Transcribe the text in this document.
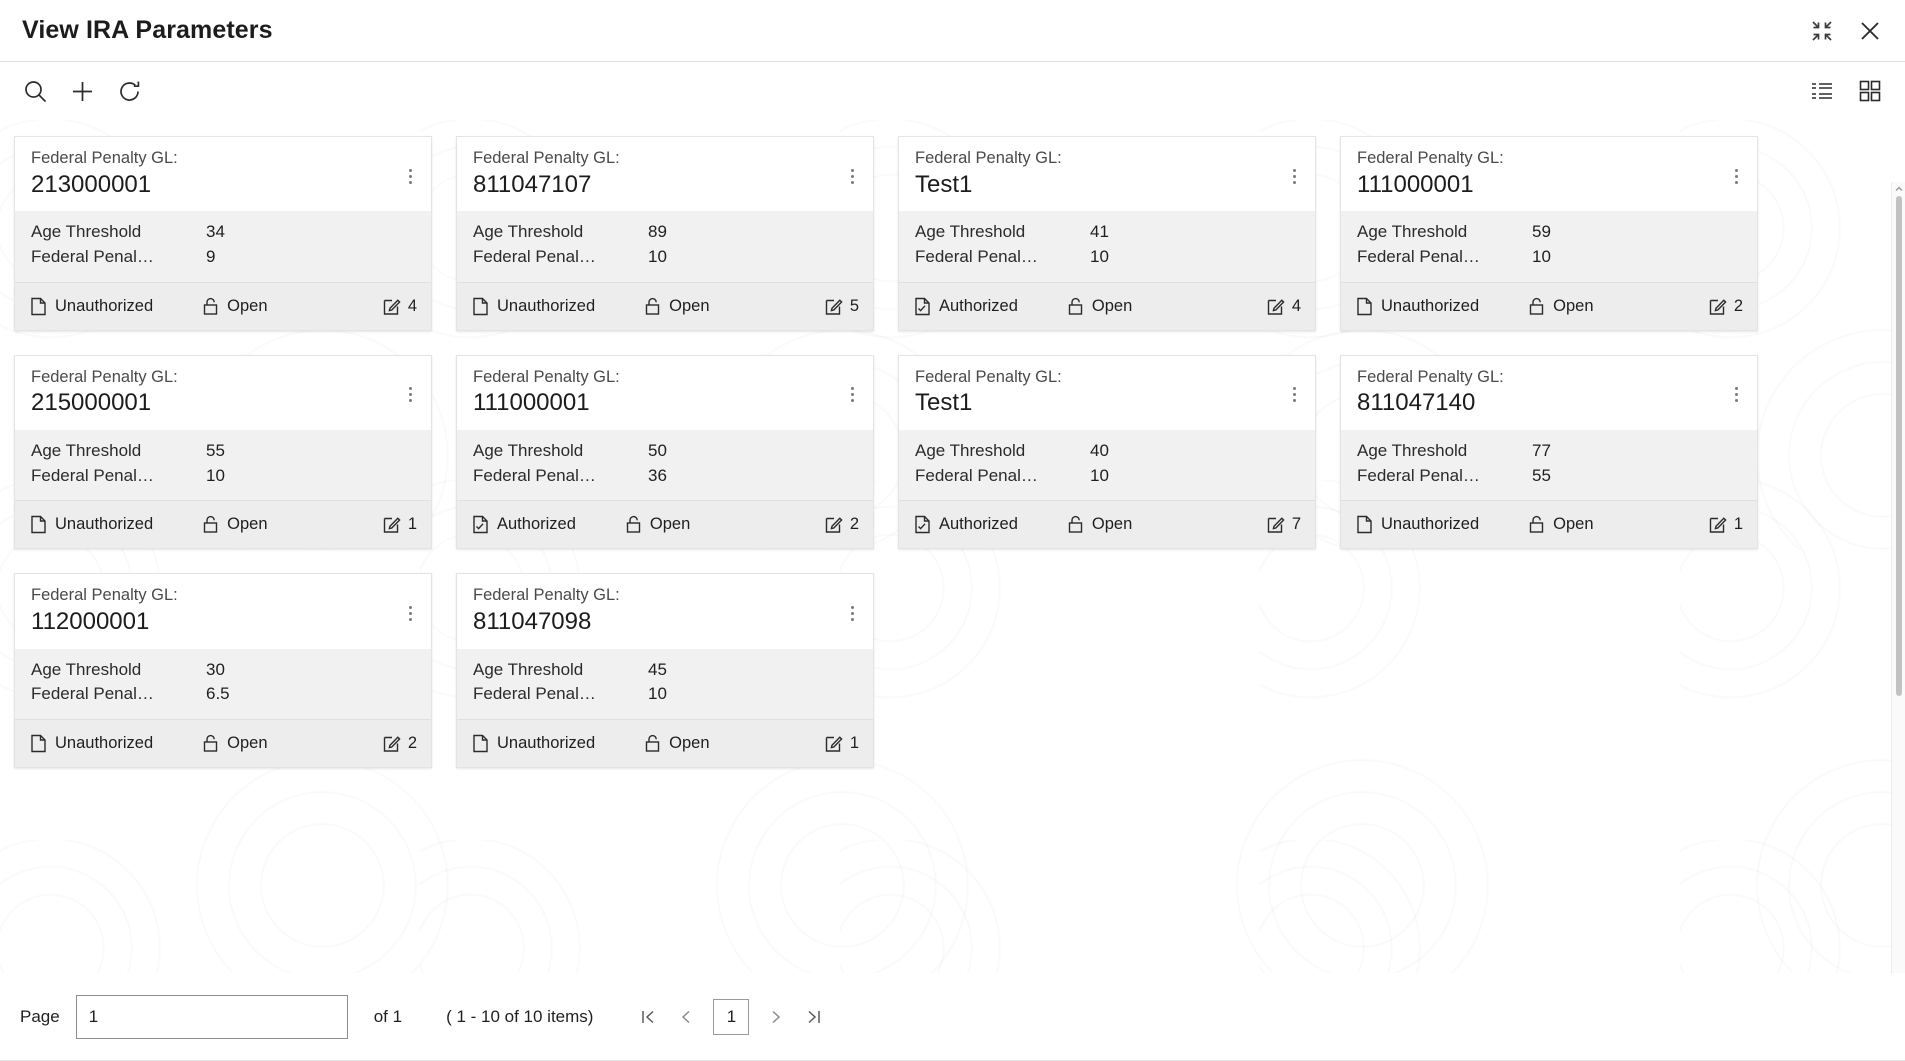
View IRA Parameters
Federal Penalty GL:
213000001
Age Threshold	34
Federal Penal…	9
Unauthorized	Open	4
Federal Penalty GL:
811047107
Age Threshold	89
Federal Penal…	10
Unauthorized	Open	5
Federal Penalty GL:
Test1
Age Threshold	41
Federal Penal…	10
Authorized	Open	4
Federal Penalty GL:
111000001
Age Threshold	59
Federal Penal…	10
Unauthorized	Open	2
Federal Penalty GL:
215000001
Age Threshold	55
Federal Penal…	10
Unauthorized	Open	1
Federal Penalty GL:
111000001
Age Threshold	50
Federal Penal…	36
Authorized	Open	2
Federal Penalty GL:
Test1
Age Threshold	40
Federal Penal…	10
Authorized	Open	7
Federal Penalty GL:
811047140
Age Threshold	77
Federal Penal…	55
Unauthorized	Open	1
Federal Penalty GL:
112000001
Age Threshold	30
Federal Penal…	6.5
Unauthorized	Open	2
Federal Penalty GL:
811047098
Age Threshold	45
Federal Penal…	10
Unauthorized	Open	1
Page
1	of 1	( 1 - 10 of 10 items)	1
